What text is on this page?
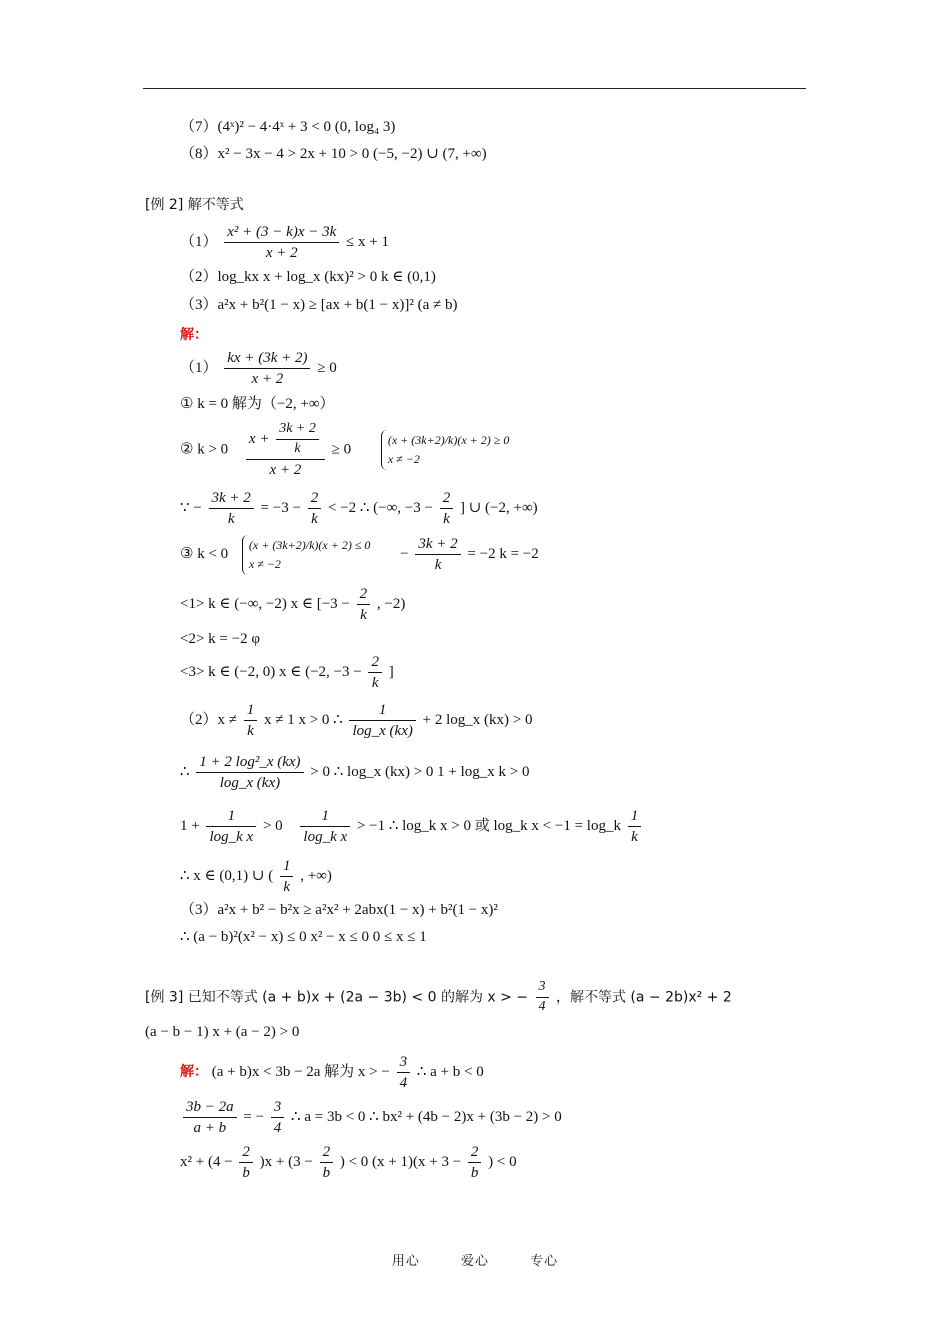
（7）(4ˣ)² − 4·4ˣ + 3 < 0 (0, log₄ 3)
（8）x² − 3x − 4 > 2x + 10 > 0 (−5, −2) ∪ (7, +∞)
[例 2] 解不等式
$(1) \frac{\text{x² + (3 − k)x − 3k}}{x + 2} \le x + 1$
（2）log_kx x + log_x (kx)² > 0 k ∈ (0,1)
（3）a²x + b²(1 − x) ≥ [ax + b(1 − x)]² (a ≠ b)
解：
$(1) \frac{kx + (3k + 2)}{x + 2} \ge 0$
① k = 0 解为（−2, +∞）
② $k > 0 \frac{x + \frac{3k + 2}{k}}{x + 2} \ge 0$
(x + (3k+2)/k)(x + 2) ≥ 0
x ≠ −2
∵ − $\frac{3k + 2}{k} = -3 - \frac{2}{k} < -2$ ∴ (−∞, $-3 - \frac{2}{k}$ ] ∪ (−2, +∞)
③ k < 0
(x + (3k+2)/k)(x + 2) ≤ 0
x ≠ −2
− $\frac{3k + 2}{k} = -2$ k = −2
<1> k ∈ (−∞, −2) x ∈ [$-3 - \frac{2}{k}$ , −2)
<2> k = −2 φ
<3> k ∈ (−2, 0) x ∈ (−2, $-3 - \frac{2}{k}$ ]
$(2)x \ne \frac{1}{k}$ x ≠ 1 x > 0 ∴ $\frac{1}{\log\_x (kx)} + 2$ log_x (kx) > 0
∴ $\frac{\text{1 + 2 log²\_x (kx)}}{\log\_x (kx)} > 0$ ∴ log_x (kx) > 0 1 + log_x k > 0
$1 + \frac{1}{\text{log\_k x}} > 0 \frac{1}{\text{log\_k x}} > -1$ ∴ log_k x > 0 或 log_k x < −1 = log_k $\frac{1}{k}$
∴ x ∈ (0,1) ∪ ( $\frac{1}{k}$ , +∞)
（3）a²x + b² − b²x ≥ a²x² + 2abx(1 − x) + b²(1 − x)²
∴ (a − b)²(x² − x) ≤ 0 x² − x ≤ 0 0 ≤ x ≤ 1
[例 3] 已知不等式 (a + b)x + (2a − 3b) < 0 的解为 x > − $\frac{3}{4}$ ，解不等式 (a − 2b)x² + 2
(a − b − 1) x + (a − 2) > 0
解： (a + b)x < 3b − 2a 解为 x > − $\frac{3}{4}$ ∴ a + b < 0
$\frac{3b - 2a}{a + b}$ = − $\frac{3}{4}$ ∴ a = 3b < 0 ∴ bx² + (4b − 2)x + (3b − 2) > 0
$x^2 + (4 - \frac{2}{b} )x + (3 - \frac{2}{b}$ ) < 0 $(x + 1)(x + 3 - \frac{2}{b}$ ) < 0
用心	爱心	专心
